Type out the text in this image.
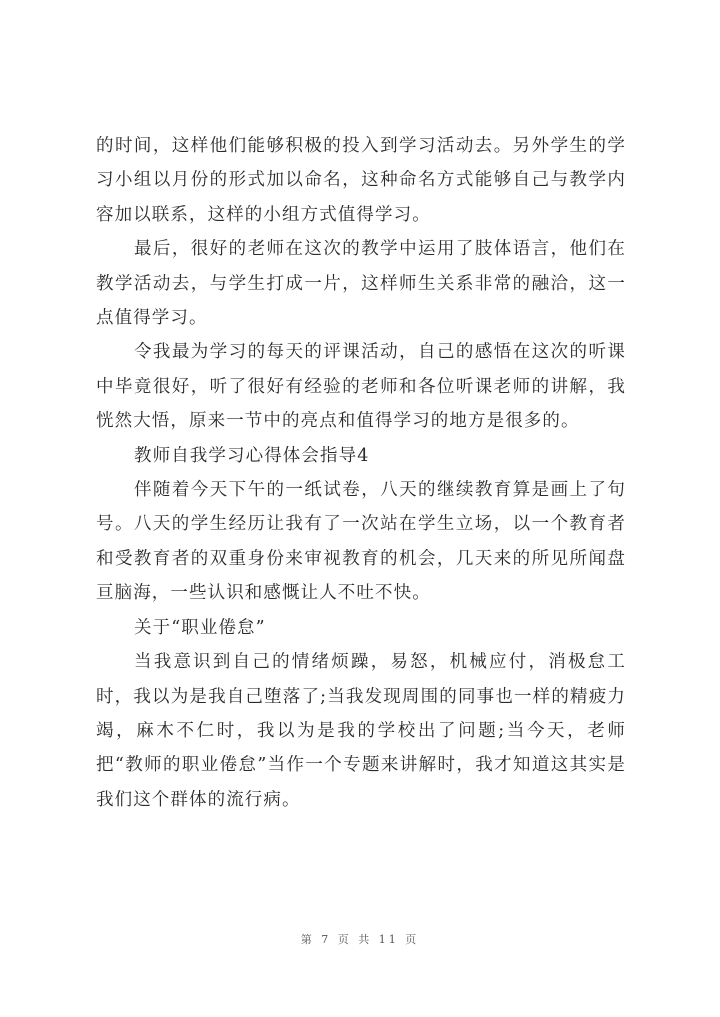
的时间，这样他们能够积极的投入到学习活动去。另外学生的学习小组以月份的形式加以命名，这种命名方式能够自己与教学内容加以联系，这样的小组方式值得学习。

最后，很好的老师在这次的教学中运用了肢体语言，他们在教学活动去，与学生打成一片，这样师生关系非常的融洽，这一点值得学习。

令我最为学习的每天的评课活动，自己的感悟在这次的听课中毕竟很好，听了很好有经验的老师和各位听课老师的讲解，我恍然大悟，原来一节中的亮点和值得学习的地方是很多的。

教师自我学习心得体会指导4

伴随着今天下午的一纸试卷，八天的继续教育算是画上了句号。八天的学生经历让我有了一次站在学生立场，以一个教育者和受教育者的双重身份来审视教育的机会，几天来的所见所闻盘亘脑海，一些认识和感慨让人不吐不快。

关于“职业倦怠”

当我意识到自己的情绪烦躁，易怒，机械应付，消极怠工时，我以为是我自己堕落了;当我发现周围的同事也一样的精疲力竭，麻木不仁时，我以为是我的学校出了问题;当今天，老师把“教师的职业倦怠”当作一个专题来讲解时，我才知道这其实是我们这个群体的流行病。

第 7 页 共 11 页
